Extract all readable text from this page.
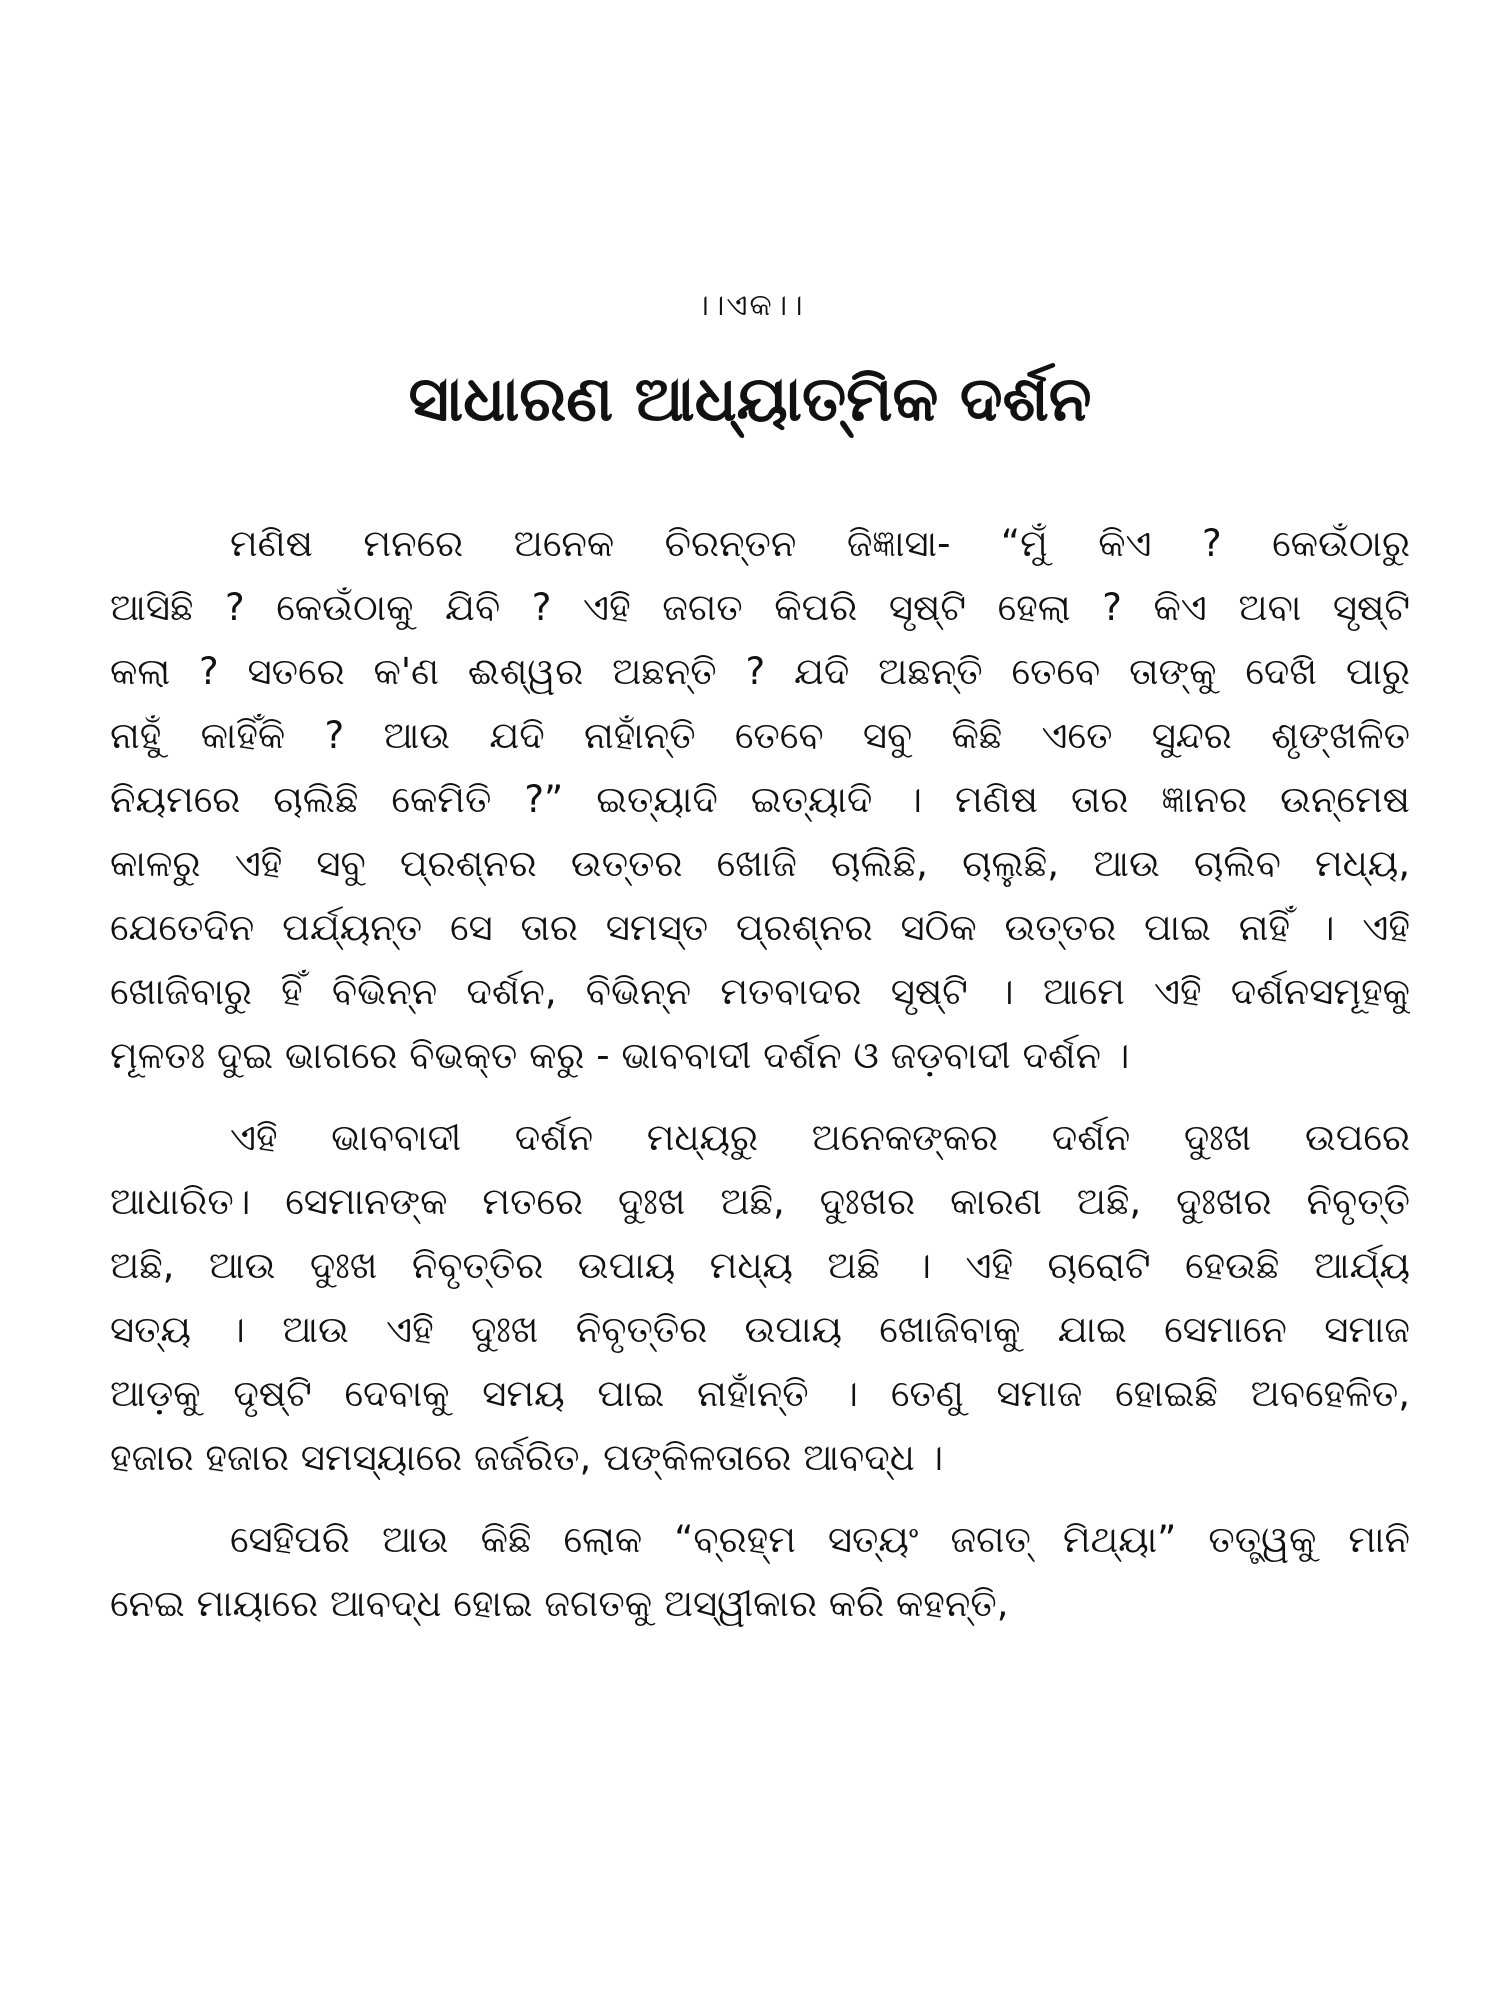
।।ଏକ।।
ସାଧାରଣ ଆଧ୍ୟାତ୍ମିକ ଦର୍ଶନ
ମଣିଷ ମନରେ ଅନେକ ଚିରନ୍ତନ ଜିଜ୍ଞାସା- “ମୁଁ କିଏ ? କେଉଁଠାରୁ
ଆସିଛି ? କେଉଁଠାକୁ ଯିବି ? ଏହି ଜଗତ କିପରି ସୃଷ୍ଟି ହେଲା ? କିଏ ଅବା ସୃଷ୍ଟି
କଲା ? ସତରେ କ'ଣ ଈଶ୍ୱର ଅଛନ୍ତି ? ଯଦି ଅଛନ୍ତି ତେବେ ତାଙ୍କୁ ଦେଖି ପାରୁ
ନାହୁଁ କାହିଁକି ? ଆଉ ଯଦି ନାହାଁନ୍ତି ତେବେ ସବୁ କିଛି ଏତେ ସୁନ୍ଦର ଶୃଙ୍ଖଳିତ
ନିୟମରେ ଚାଲିଛି କେମିତି ?” ଇତ୍ୟାଦି ଇତ୍ୟାଦି । ମଣିଷ ତାର ଜ୍ଞାନର ଉନ୍ମେଷ
କାଳରୁ ଏହି ସବୁ ପ୍ରଶ୍ନର ଉତ୍ତର ଖୋଜି ଚାଲିଛି, ଚାଲୁଛି, ଆଉ ଚାଲିବ ମଧ୍ୟ,
ଯେତେଦିନ ପର୍ଯ୍ୟନ୍ତ ସେ ତାର ସମସ୍ତ ପ୍ରଶ୍ନର ସଠିକ ଉତ୍ତର ପାଇ ନାହିଁ । ଏହି
ଖୋଜିବାରୁ ହିଁ ବିଭିନ୍ନ ଦର୍ଶନ, ବିଭିନ୍ନ ମତବାଦର ସୃଷ୍ଟି । ଆମେ ଏହି ଦର୍ଶନସମୂହକୁ
ମୂଳତଃ ଦୁଇ ଭାଗରେ ବିଭକ୍ତ କରୁ - ଭାବବାଦୀ ଦର୍ଶନ ଓ ଜଡ଼ବାଦୀ ଦର୍ଶନ ।
ଏହି ଭାବବାଦୀ ଦର୍ଶନ ମଧ୍ୟରୁ ଅନେକଙ୍କର ଦର୍ଶନ ଦୁଃଖ ଉପରେ
ଆଧାରିତ। ସେମାନଙ୍କ ମତରେ ଦୁଃଖ ଅଛି, ଦୁଃଖର କାରଣ ଅଛି, ଦୁଃଖର ନିବୃତ୍ତି
ଅଛି, ଆଉ ଦୁଃଖ ନିବୃତ୍ତିର ଉପାୟ ମଧ୍ୟ ଅଛି । ଏହି ଚାରୋଟି ହେଉଛି ଆର୍ଯ୍ୟ
ସତ୍ୟ । ଆଉ ଏହି ଦୁଃଖ ନିବୃତ୍ତିର ଉପାୟ ଖୋଜିବାକୁ ଯାଇ ସେମାନେ ସମାଜ
ଆଡ଼କୁ ଦୃଷ୍ଟି ଦେବାକୁ ସମୟ ପାଇ ନାହାଁନ୍ତି । ତେଣୁ ସମାଜ ହୋଇଛି ଅବହେଳିତ,
ହଜାର ହଜାର ସମସ୍ୟାରେ ଜର୍ଜରିତ, ପଙ୍କିଳତାରେ ଆବଦ୍ଧ ।
ସେହିପରି ଆଉ କିଛି ଲୋକ “ବ୍ରହ୍ମ ସତ୍ୟଂ ଜଗତ୍ ମିଥ୍ୟା” ତତ୍ତ୍ୱକୁ ମାନି
ନେଇ ମାୟାରେ ଆବଦ୍ଧ ହୋଇ ଜଗତକୁ ଅସ୍ୱୀକାର କରି କହନ୍ତି,
